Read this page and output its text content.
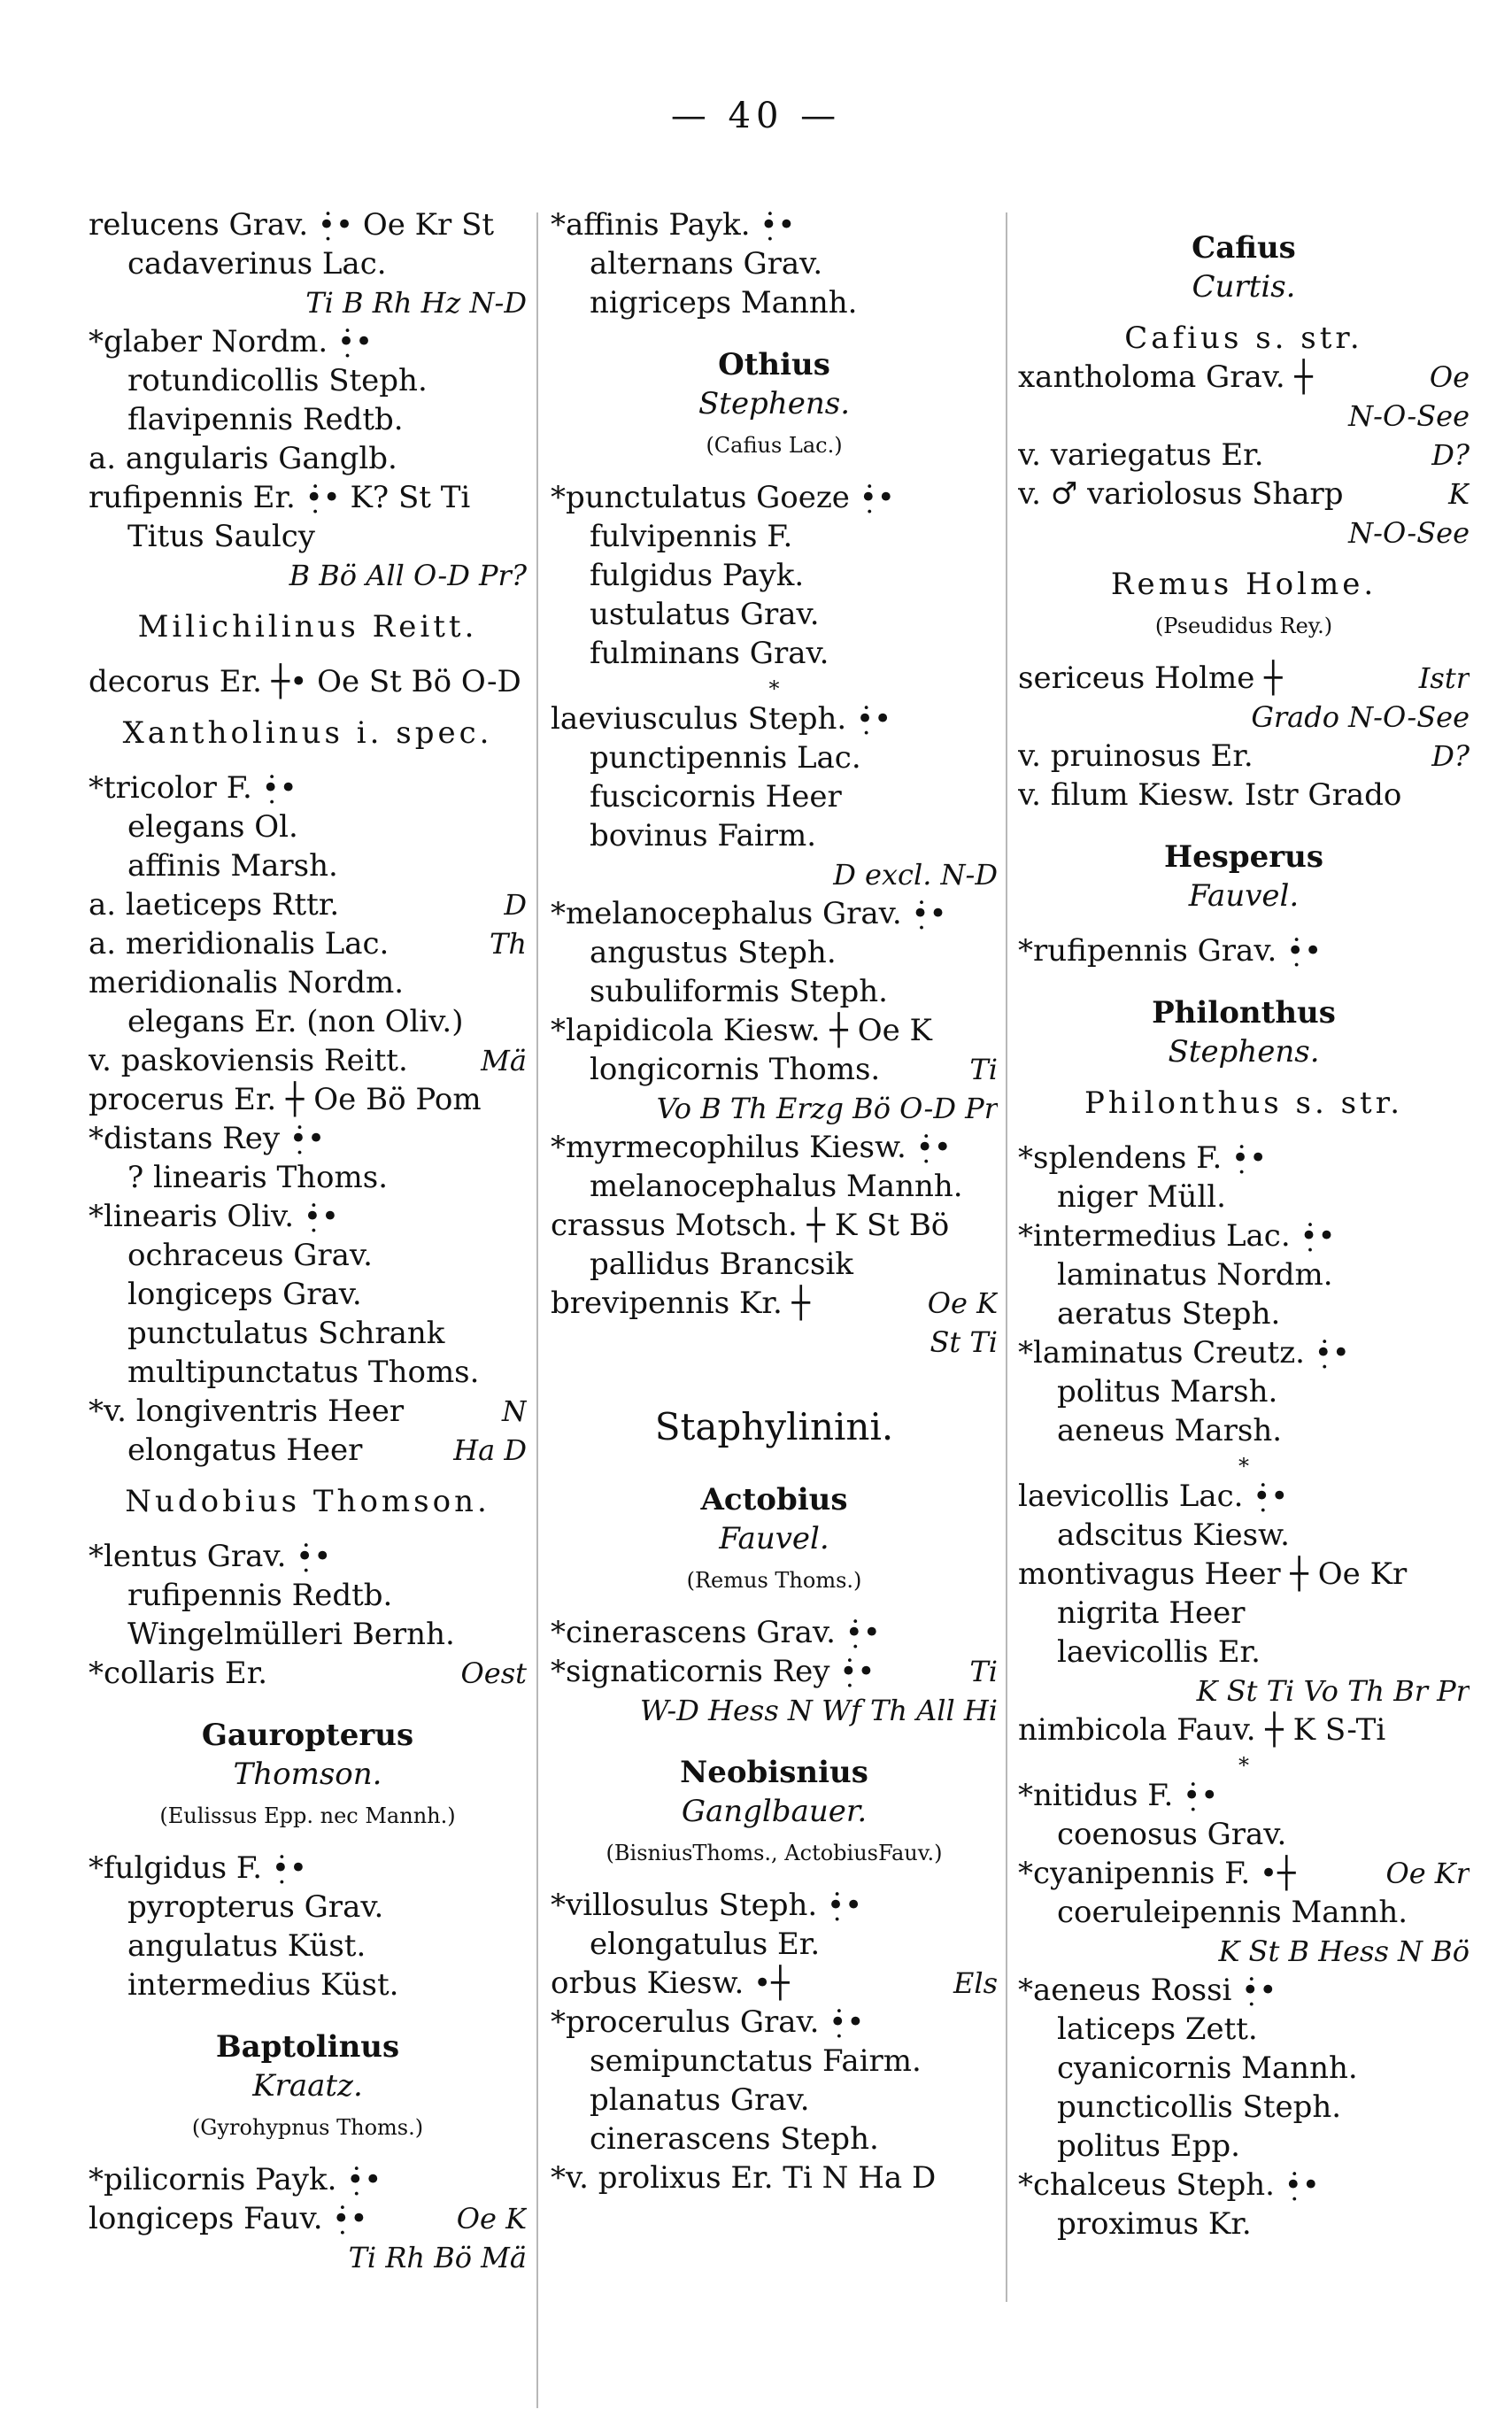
— 40 —
relucens Grav. •̣̇• Oe Kr St
cadaverinus Lac.
Ti B Rh Hz N-D
*glaber Nordm. •̣̇•
rotundicollis Steph.
flavipennis Redtb.
a. angularis Ganglb.
rufipennis Er. •̣̇• K? St Ti
Titus Saulcy
B Bö All O-D Pr?
Milichilinus Reitt.
decorus Er. ┼• Oe St Bö O-D
Xantholinus i. spec.
*tricolor F. •̣̇•
elegans Ol.
affinis Marsh.
a. laeticeps Rttr.	D
a. meridionalis Lac.	Th
meridionalis Nordm.
elegans Er. (non Oliv.)
v. paskoviensis Reitt.	Mä
procerus Er. ┼ Oe Bö Pom
*distans Rey •̣̇•
? linearis Thoms.
*linearis Oliv. •̣̇•
ochraceus Grav.
longiceps Grav.
punctulatus Schrank
multipunctatus Thoms.
*v. longiventris Heer	N
elongatus Heer	Ha D
Nudobius Thomson.
*lentus Grav. •̣̇•
rufipennis Redtb.
Wingelmülleri Bernh.
*collaris Er.	Oest
Gauropterus
Thomson.
(Eulissus Epp. nec Mannh.)
*fulgidus F. •̣̇•
pyropterus Grav.
angulatus Küst.
intermedius Küst.
Baptolinus
Kraatz.
(Gyrohypnus Thoms.)
*pilicornis Payk. •̣̇•
longiceps Fauv. •̣̇•	Oe K
Ti Rh Bö Mä
*affinis Payk. •̣̇•
alternans Grav.
nigriceps Mannh.
Othius
Stephens.
(Cafius Lac.)
*punctulatus Goeze •̣̇•
fulvipennis F.
fulgidus Payk.
ustulatus Grav.
fulminans Grav.
*
laeviusculus Steph. •̣̇•
punctipennis Lac.
fuscicornis Heer
bovinus Fairm.
D excl. N-D
*melanocephalus Grav. •̣̇•
angustus Steph.
subuliformis Steph.
*lapidicola Kiesw. ┼ Oe K
longicornis Thoms.	Ti
Vo B Th Erzg Bö O-D Pr
*myrmecophilus Kiesw. •̣̇•
melanocephalus Mannh.
crassus Motsch. ┼ K St Bö
pallidus Brancsik
brevipennis Kr. ┼	Oe K
St Ti
Staphylinini.
Actobius
Fauvel.
(Remus Thoms.)
*cinerascens Grav. •̣̇•
*signaticornis Rey •̣̇•	Ti
W-D Hess N Wf Th All Hi
Neobisnius
Ganglbauer.
(BisniusThoms., ActobiusFauv.)
*villosulus Steph. •̣̇•
elongatulus Er.
orbus Kiesw. •┼	Els
*procerulus Grav. •̣̇•
semipunctatus Fairm.
planatus Grav.
cinerascens Steph.
*v. prolixus Er. Ti N Ha D
Cafius
Curtis.
Cafius s. str.
xantholoma Grav. ┼	Oe
N-O-See
v. variegatus Er.	D?
v. ♂ variolosus Sharp	K
N-O-See
Remus Holme.
(Pseudidus Rey.)
sericeus Holme ┼	Istr
Grado N-O-See
v. pruinosus Er.	D?
v. filum Kiesw. Istr Grado
Hesperus
Fauvel.
*rufipennis Grav. •̣̇•
Philonthus
Stephens.
Philonthus s. str.
*splendens F. •̣̇•
niger Müll.
*intermedius Lac. •̣̇•
laminatus Nordm.
aeratus Steph.
*laminatus Creutz. •̣̇•
politus Marsh.
aeneus Marsh.
*
laevicollis Lac. •̣̇•
adscitus Kiesw.
montivagus Heer ┼ Oe Kr
nigrita Heer
laevicollis Er.
K St Ti Vo Th Br Pr
nimbicola Fauv. ┼ K S-Ti
*
*nitidus F. •̣̇•
coenosus Grav.
*cyanipennis F. •┼	Oe Kr
coeruleipennis Mannh.
K St B Hess N Bö
*aeneus Rossi •̣̇•
laticeps Zett.
cyanicornis Mannh.
puncticollis Steph.
politus Epp.
*chalceus Steph. •̣̇•
proximus Kr.
